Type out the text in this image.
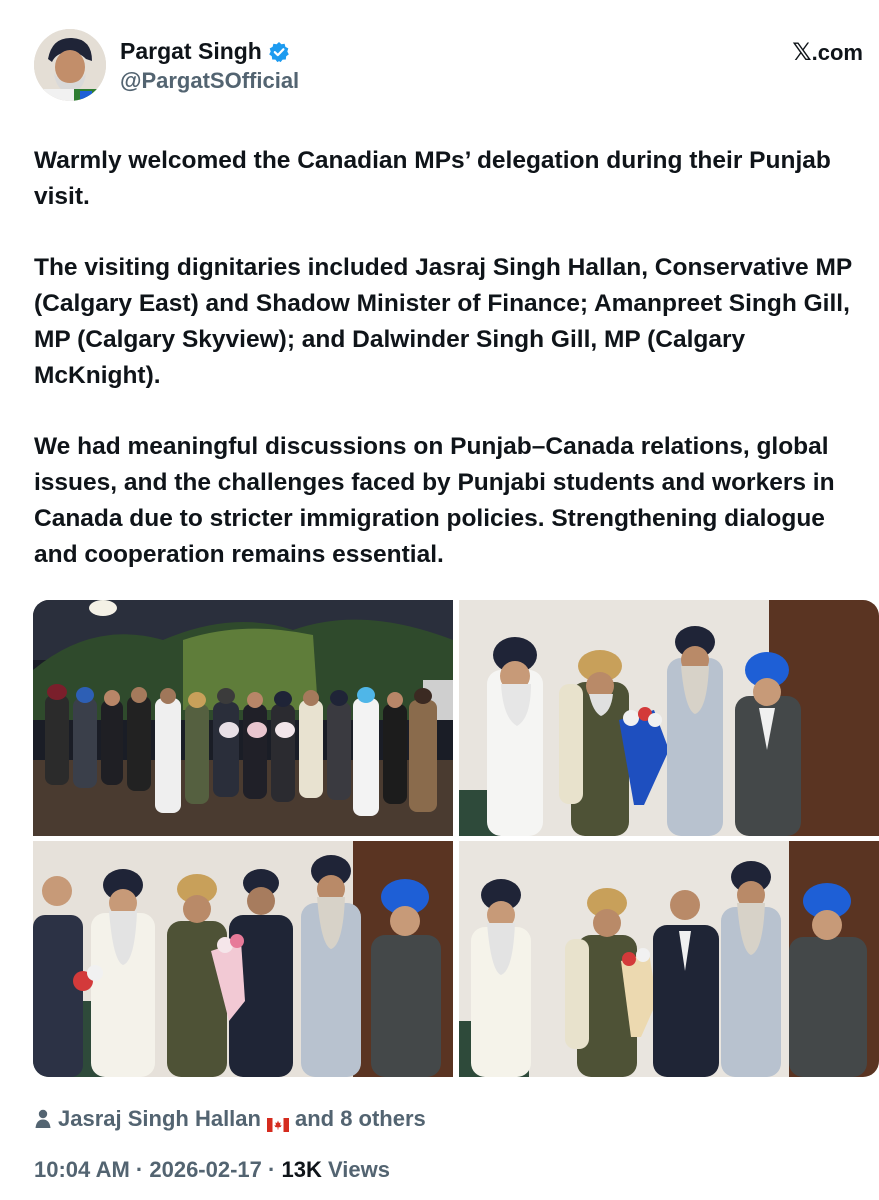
Pargat Singh
@PargatSOfficial
𝕏 .com

Warmly welcomed the Canadian MPs’ delegation during their Punjab visit.

The visiting dignitaries included Jasraj Singh Hallan, Conservative MP (Calgary East) and Shadow Minister of Finance; Amanpreet Singh Gill, MP (Calgary Skyview); and Dalwinder Singh Gill, MP (Calgary McKnight).

We had meaningful discussions on Punjab–Canada relations, global issues, and the challenges faced by Punjabi students and workers in Canada due to stricter immigration policies. Strengthening dialogue and cooperation remains essential.

Jasraj Singh Hallan and 8 others
10:04 AM · 2026-02-17 · 13K Views
